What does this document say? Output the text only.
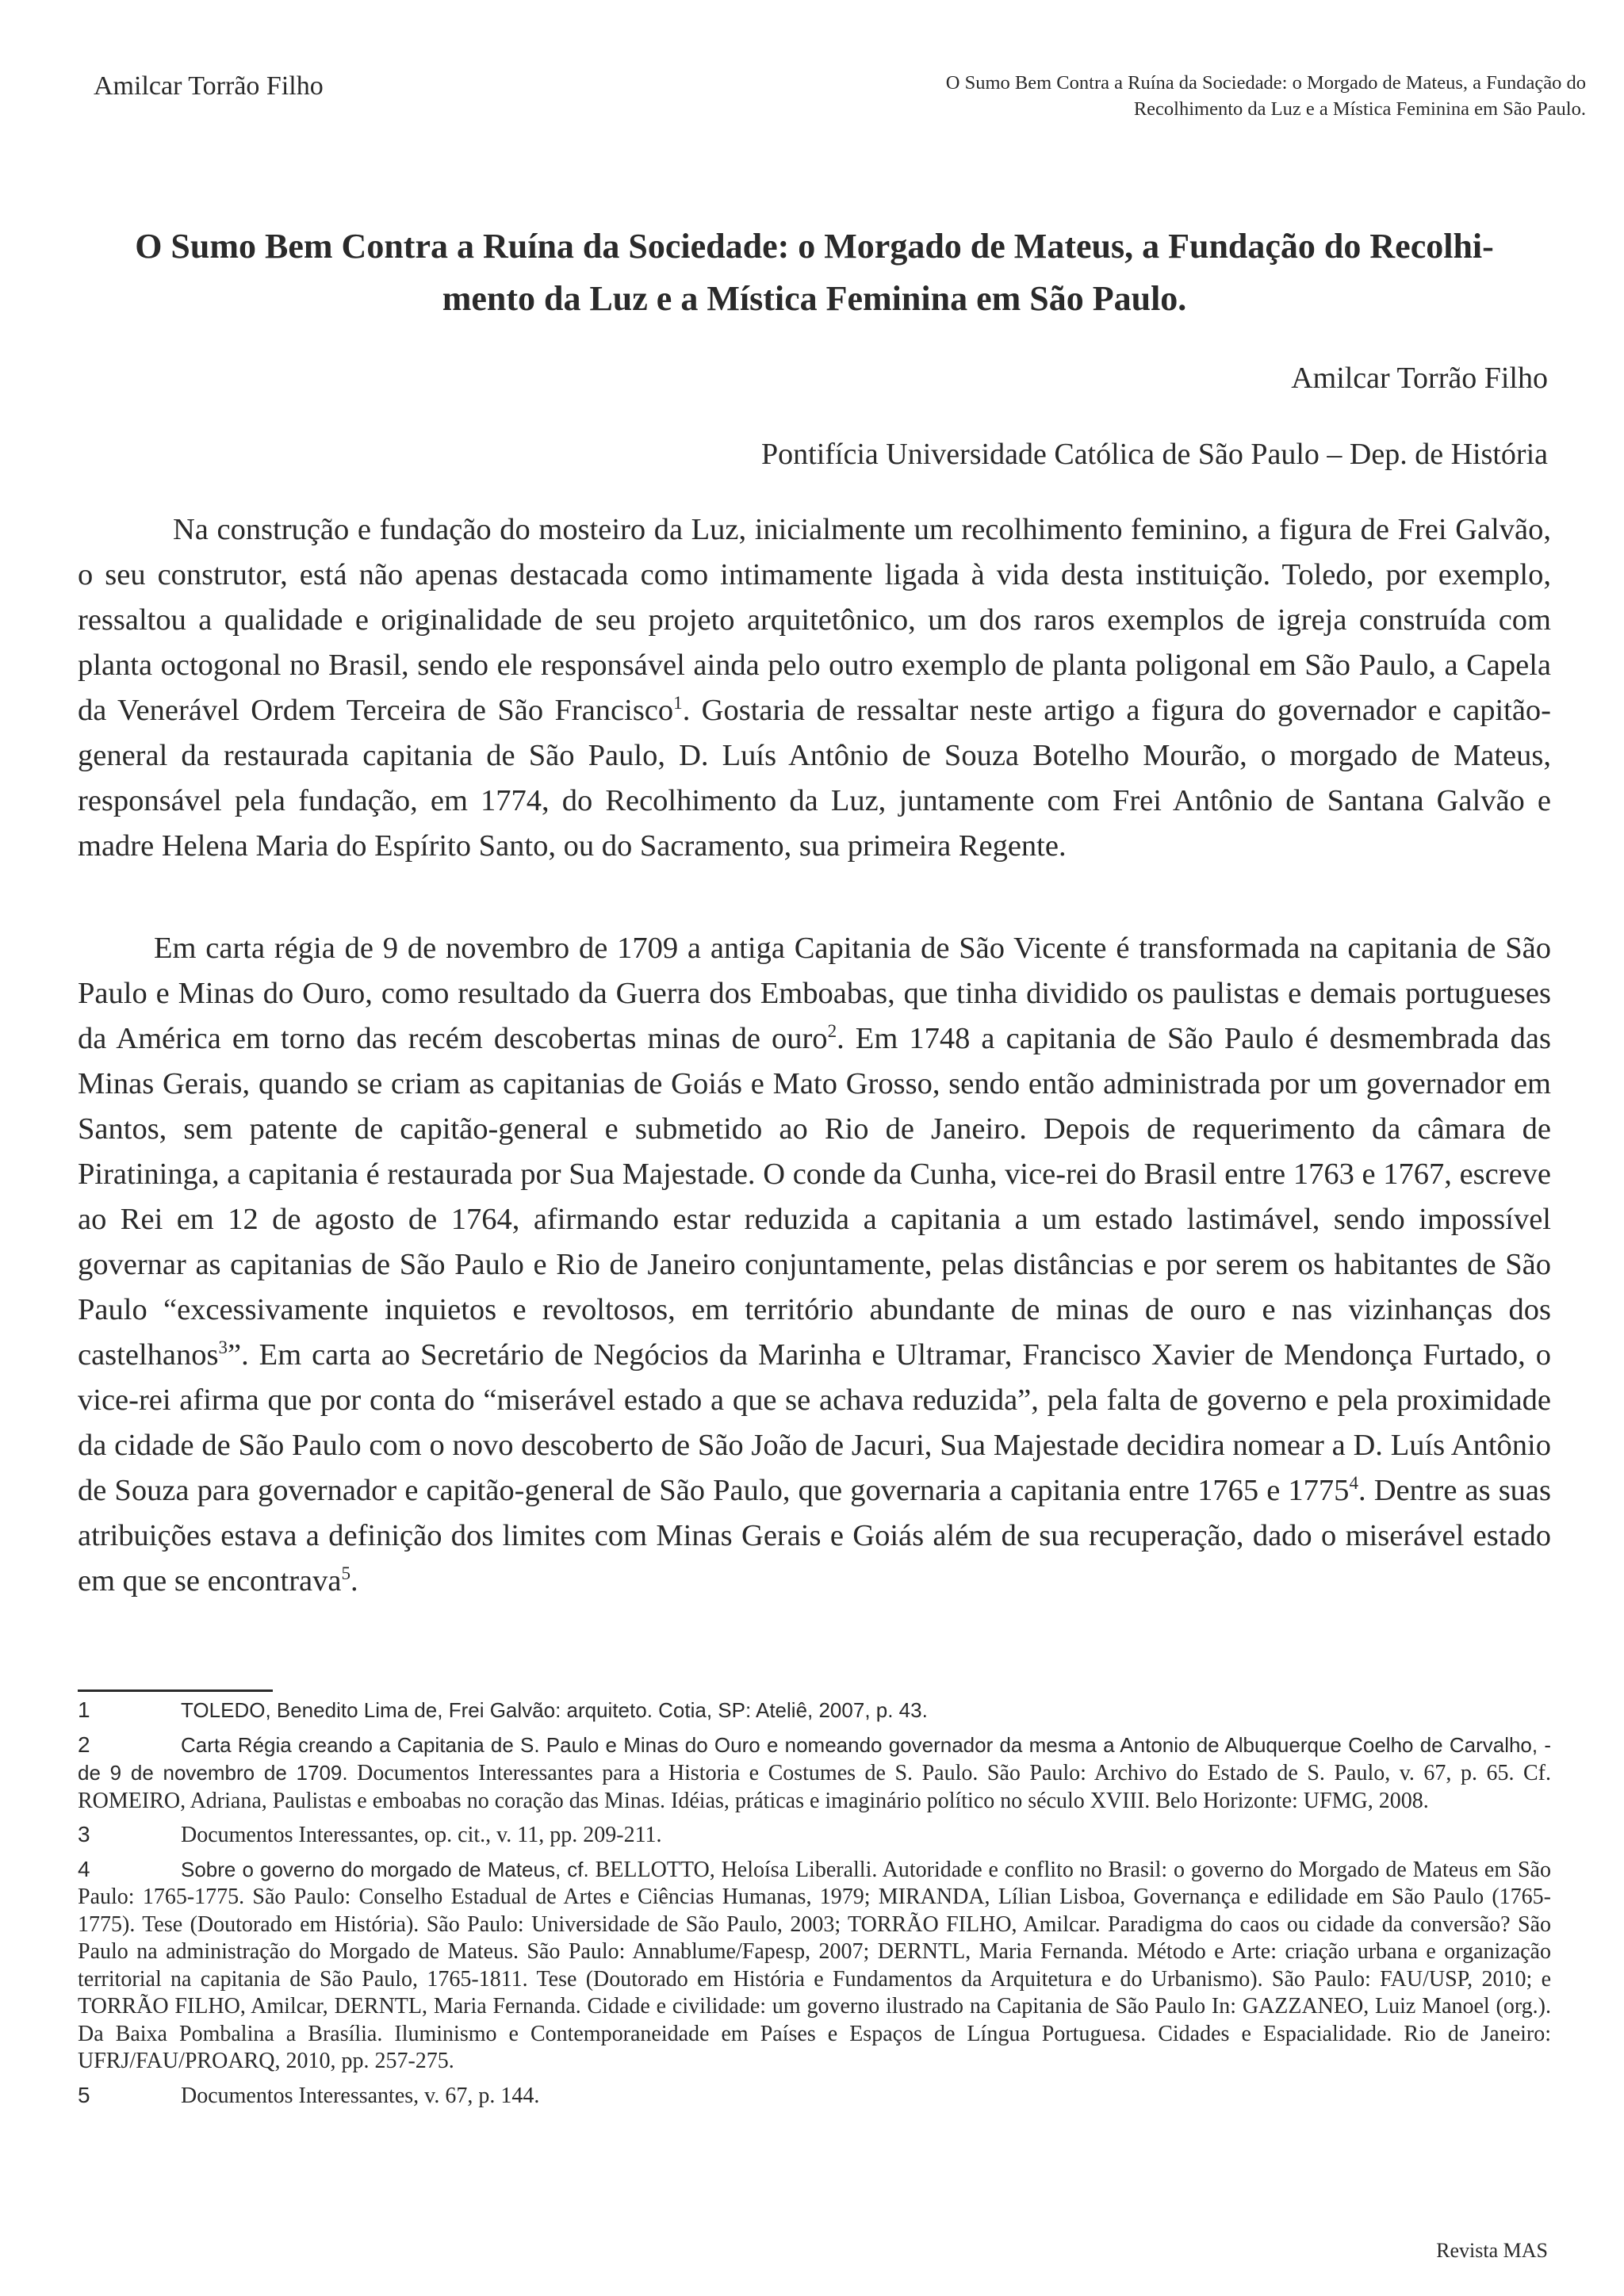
Amilcar Torrão Filho	O Sumo Bem Contra a Ruína da Sociedade: o Morgado de Mateus, a Fundação do
Recolhimento da Luz e a Mística Feminina em São Paulo.
O Sumo Bem Contra a Ruína da Sociedade: o Morgado de Mateus, a Fundação do Recolhi-
mento da Luz e a Mística Feminina em São Paulo.
Amilcar Torrão Filho
Pontifícia Universidade Católica de São Paulo – Dep. de História

Na construção e fundação do mosteiro da Luz, inicialmente um recolhimento feminino, a figura de Frei Galvão, o seu construtor, está não apenas destacada como intimamente ligada à vida desta instituição. Toledo, por exemplo, ressaltou a qualidade e originalidade de seu projeto arquitetônico, um dos raros exemplos de igreja construída com planta octogonal no Brasil, sendo ele responsável ainda pelo outro exemplo de planta poligonal em São Paulo, a Capela da Venerável Ordem Terceira de São Francisco$^1$. Gostaria de ressaltar neste artigo a figura do governador e capitão-general da restaurada capitania de São Paulo, D. Luís Antônio de Souza Botelho Mourão, o morgado de Mateus, responsável pela fundação, em 1774, do Recolhimento da Luz, juntamente com Frei Antônio de Santana Galvão e madre Helena Maria do Espírito Santo, ou do Sacramento, sua primeira Regente.

Em carta régia de 9 de novembro de 1709 a antiga Capitania de São Vicente é transformada na capitania de São Paulo e Minas do Ouro, como resultado da Guerra dos Emboabas, que tinha dividido os paulistas e demais portugueses da América em torno das recém descobertas minas de ouro$^2$. Em 1748 a capitania de São Paulo é desmembrada das Minas Gerais, quando se criam as capitanias de Goiás e Mato Grosso, sendo então administrada por um governador em Santos, sem patente de capitão-general e submetido ao Rio de Janeiro. Depois de requerimento da câmara de Piratininga, a capitania é restaurada por Sua Majestade. O conde da Cunha, vice-rei do Brasil entre 1763 e 1767, escreve ao Rei em 12 de agosto de 1764, afirmando estar reduzida a capitania a um estado lastimável, sendo impossível governar as capitanias de São Paulo e Rio de Janeiro conjuntamente, pelas distâncias e por serem os habitantes de São Paulo “excessivamente inquietos e revoltosos, em território abundante de minas de ouro e nas vizinhanças dos castelhanos$^3$”. Em carta ao Secretário de Negócios da Marinha e Ultramar, Francisco Xavier de Mendonça Furtado, o vice-rei afirma que por conta do “miserável estado a que se achava reduzida”, pela falta de governo e pela proximidade da cidade de São Paulo com o novo descoberto de São João de Jacuri, Sua Majestade decidira nomear a D. Luís Antônio de Souza para governador e capitão-general de São Paulo, que governaria a capitania entre 1765 e 1775$^4$. Dentre as suas atribuições estava a definição dos limites com Minas Gerais e Goiás além de sua recuperação, dado o miserável estado em que se encontrava$^5$.

1	TOLEDO, Benedito Lima de, Frei Galvão: arquiteto. Cotia, SP: Ateliê, 2007, p. 43.

2	Carta Régia creando a Capitania de S. Paulo e Minas do Ouro e nomeando governador da mesma a Antonio de Albuquerque Coelho de Carvalho, - de 9 de novembro de 1709. Documentos Interessantes para a Historia e Costumes de S. Paulo. São Paulo: Archivo do Estado de S. Paulo, v. 67, p. 65. Cf. ROMEIRO, Adriana, Paulistas e emboabas no coração das Minas. Idéias, práticas e imaginário político no século XVIII. Belo Horizonte: UFMG, 2008.

3	Documentos Interessantes, op. cit., v. 11, pp. 209-211.

4	Sobre o governo do morgado de Mateus, cf. BELLOTTO, Heloísa Liberalli. Autoridade e conflito no Brasil: o governo do Morgado de Mateus em São Paulo: 1765-1775. São Paulo: Conselho Estadual de Artes e Ciências Humanas, 1979; MIRANDA, Lílian Lisboa, Governança e edilidade em São Paulo (1765-1775). Tese (Doutorado em História). São Paulo: Universidade de São Paulo, 2003; TORRÃO FILHO, Amilcar. Paradigma do caos ou cidade da conversão? São Paulo na administração do Morgado de Mateus. São Paulo: Annablume/Fapesp, 2007; DERNTL, Maria Fernanda. Método e Arte: criação urbana e organização territorial na capitania de São Paulo, 1765-1811. Tese (Doutorado em História e Fundamentos da Arquitetura e do Urbanismo). São Paulo: FAU/USP, 2010; e TORRÃO FILHO, Amilcar, DERNTL, Maria Fernanda. Cidade e civilidade: um governo ilustrado na Capitania de São Paulo In: GAZZANEO, Luiz Manoel (org.). Da Baixa Pombalina a Brasília. Iluminismo e Contemporaneidade em Países e Espaços de Língua Portuguesa. Cidades e Espacialidade. Rio de Janeiro: UFRJ/FAU/PROARQ, 2010, pp. 257-275.

5	Documentos Interessantes, v. 67, p. 144.

Revista MAS
